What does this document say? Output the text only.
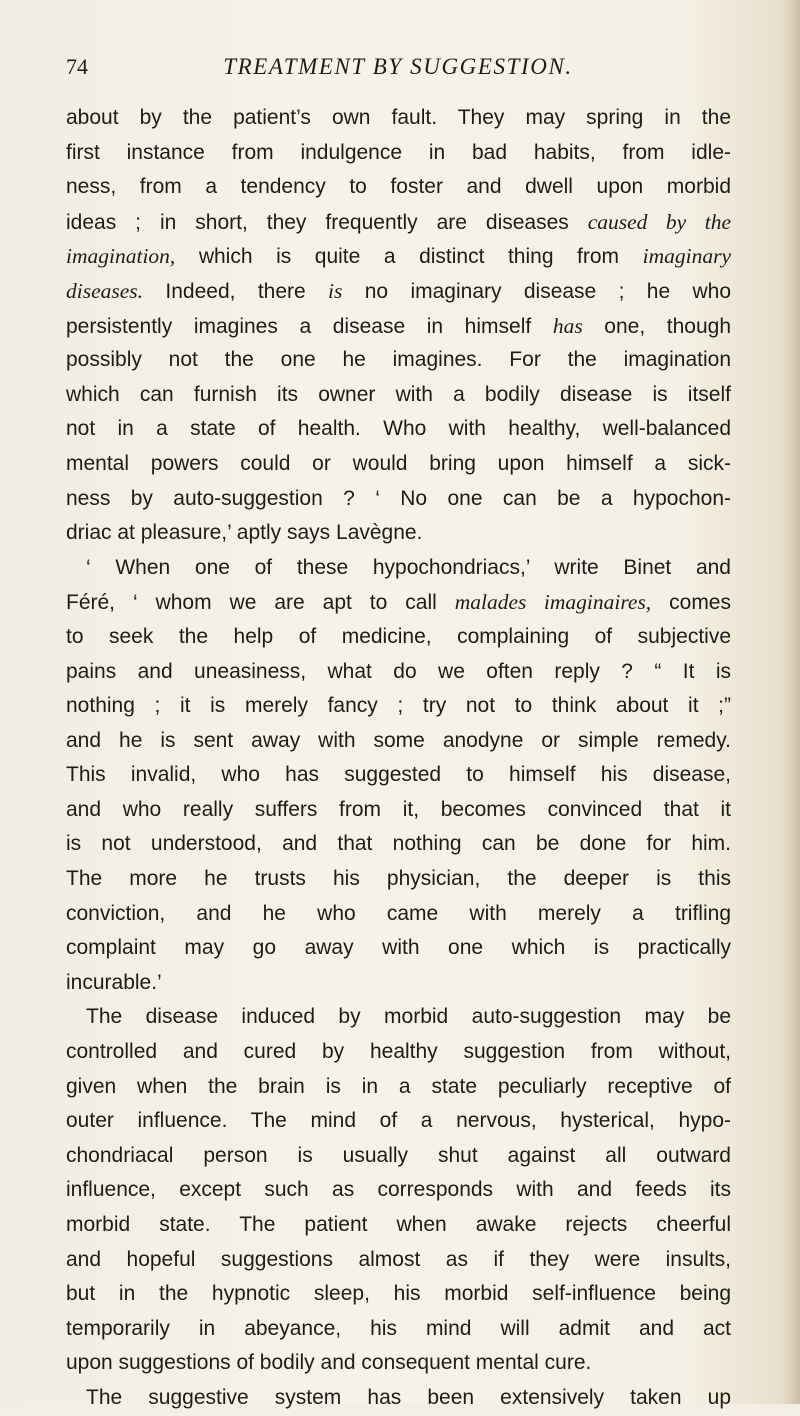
74	TREATMENT BY SUGGESTION.
about by the patient’s own fault. They may spring in the
first instance from indulgence in bad habits, from idle-
ness, from a tendency to foster and dwell upon morbid
ideas ; in short, they frequently are diseases caused by the
imagination, which is quite a distinct thing from imaginary
diseases. Indeed, there is no imaginary disease ; he who
persistently imagines a disease in himself has one, though
possibly not the one he imagines. For the imagination
which can furnish its owner with a bodily disease is itself
not in a state of health. Who with healthy, well-balanced
mental powers could or would bring upon himself a sick-
ness by auto-suggestion ? ‘ No one can be a hypochon-
driac at pleasure,’ aptly says Lavègne.
‘ When one of these hypochondriacs,’ write Binet and
Féré, ‘ whom we are apt to call malades imaginaires, comes
to seek the help of medicine, complaining of subjective
pains and uneasiness, what do we often reply ? “ It is
nothing ; it is merely fancy ; try not to think about it ;”
and he is sent away with some anodyne or simple remedy.
This invalid, who has suggested to himself his disease,
and who really suffers from it, becomes convinced that it
is not understood, and that nothing can be done for him.
The more he trusts his physician, the deeper is this
conviction, and he who came with merely a trifling
complaint may go away with one which is practically
incurable.’
The disease induced by morbid auto-suggestion may be
controlled and cured by healthy suggestion from without,
given when the brain is in a state peculiarly receptive of
outer influence. The mind of a nervous, hysterical, hypo-
chondriacal person is usually shut against all outward
influence, except such as corresponds with and feeds its
morbid state. The patient when awake rejects cheerful
and hopeful suggestions almost as if they were insults,
but in the hypnotic sleep, his morbid self-influence being
temporarily in abeyance, his mind will admit and act
upon suggestions of bodily and consequent mental cure.
The suggestive system has been extensively taken up
